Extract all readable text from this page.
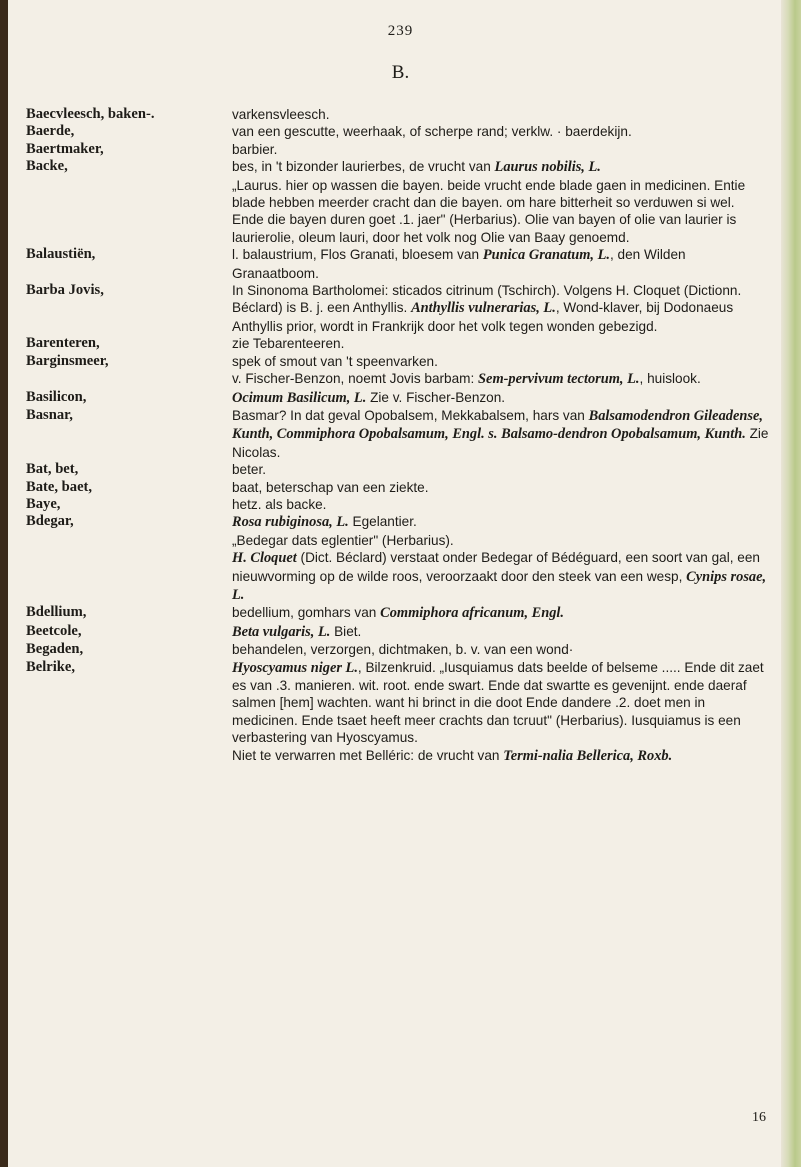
239
B.
Baecvleesch, baken-.	varkensvleesch.

Baerde,	van een gescutte, weerhaak, of scherpe rand; verklw. · baerdekijn.

Baertmaker,	barbier.

Backe,	bes, in 't bizonder laurierbes, de vrucht van Laurus nobilis, L.

„Laurus. hier op wassen die bayen. beide vrucht ende blade gaen in medicinen. Entie blade hebben meerder cracht dan die bayen. om hare bitterheit so verduwen si wel. Ende die bayen duren goet .1. jaer" (Herbarius). Olie van bayen of olie van laurier is laurierolie, oleum lauri, door het volk nog Olie van Baay genoemd.

Balaustiën,	l. balaustrium, Flos Granati, bloesem van Punica Granatum, L., den Wilden Granaatboom.

Barba Jovis,	In Sinonoma Bartholomei: sticados citrinum (Tschirch). Volgens H. Cloquet (Dictionn. Béclard) is B. j. een Anthyllis. Anthyllis vulnerarias, L., Wond-klaver, bij Dodonaeus Anthyllis prior, wordt in Frankrijk door het volk tegen wonden gebezigd.

Barenteren,	zie Tebarenteeren.

Barginsmeer,	spek of smout van 't speenvarken.

v. Fischer-Benzon, noemt Jovis barbam: Sem-pervivum tectorum, L., huislook.

Basilicon,	Ocimum Basilicum, L. Zie v. Fischer-Benzon.

Basnar,	Basmar? In dat geval Opobalsem, Mekkabalsem, hars van Balsamodendron Gileadense, Kunth, Commiphora Opobalsamum, Engl. s. Balsamo-dendron Opobalsamum, Kunth. Zie Nicolas.

Bat, bet,	beter.

Bate, baet,	baat, beterschap van een ziekte.

Baye,	hetz. als backe.

Bdegar,	Rosa rubiginosa, L. Egelantier.

„Bedegar dats eglentier" (Herbarius).

H. Cloquet (Dict. Béclard) verstaat onder Bedegar of Bédéguard, een soort van gal, een nieuwvorming op de wilde roos, veroorzaakt door den steek van een wesp, Cynips rosae, L.

Bdellium,	bedellium, gomhars van Commiphora africanum, Engl.

Beetcole,	Beta vulgaris, L. Biet.

Begaden,	behandelen, verzorgen, dichtmaken, b. v. van een wond·

Belrike,	Hyoscyamus niger L., Bilzenkruid. „Iusquiamus dats beelde of belseme ..... Ende dit zaet es van .3. manieren. wit. root. ende swart. Ende dat swartte es gevenijnt. ende daeraf salmen [hem] wachten. want hi brinct in die doot Ende dandere .2. doet men in medicinen. Ende tsaet heeft meer crachts dan tcruut" (Herbarius). Iusquiamus is een verbastering van Hyoscyamus.

Niet te verwarren met Belléric: de vrucht van Termi-nalia Bellerica, Roxb.

16
